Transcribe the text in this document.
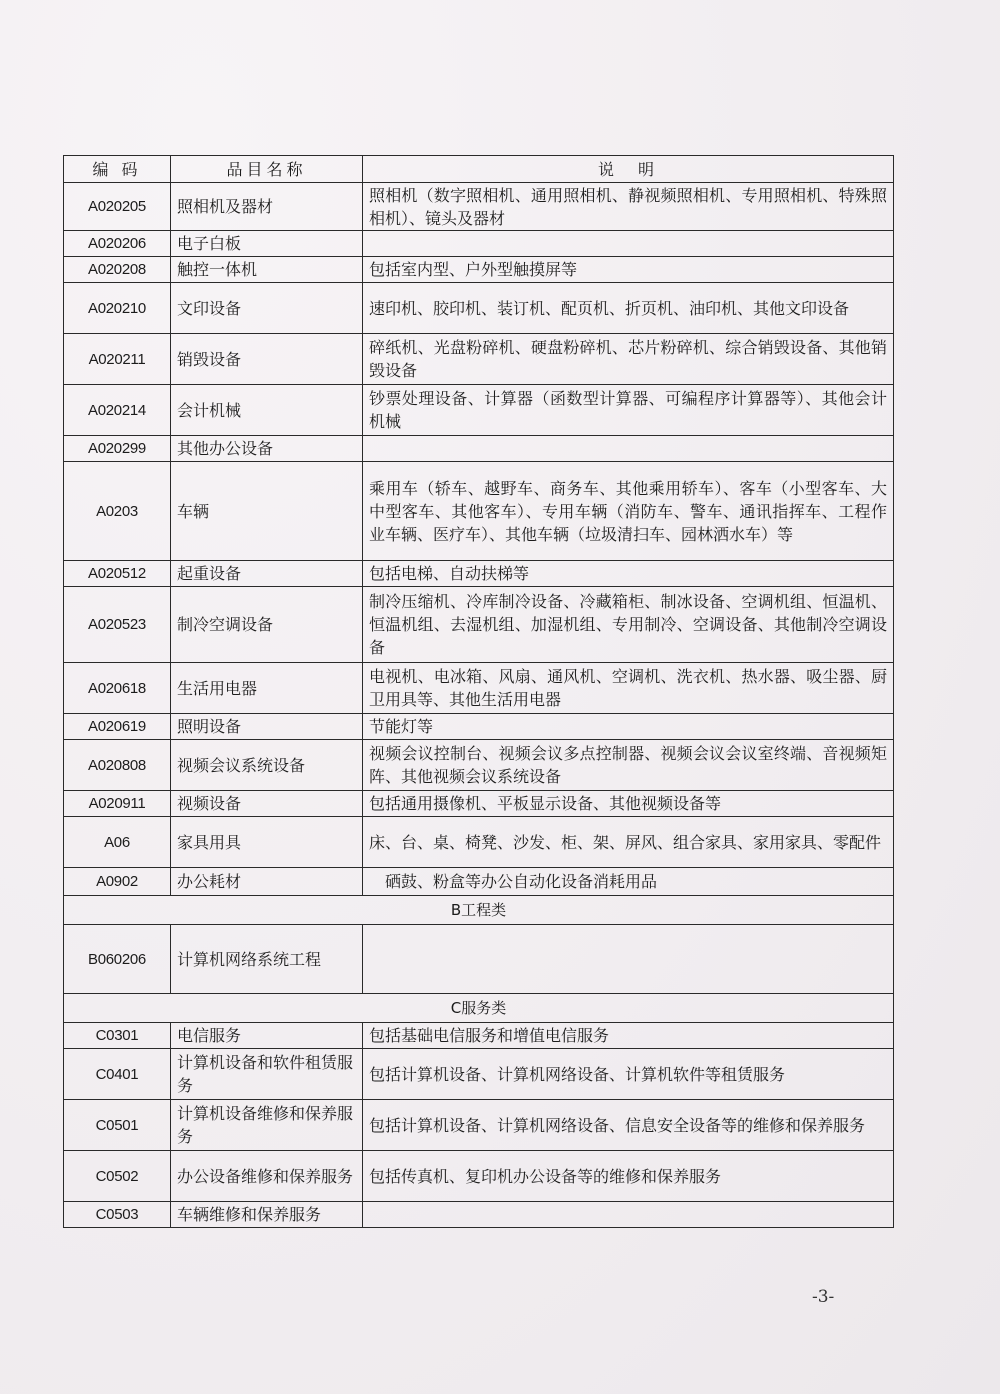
编 码	品目名称	说　明
A020205	照相机及器材	照相机（数字照相机、通用照相机、静视频照相机、专用照相机、特殊照相机）、镜头及器材
A020206	电子白板	
A020208	触控一体机	包括室内型、户外型触摸屏等
A020210	文印设备	速印机、胶印机、装订机、配页机、折页机、油印机、其他文印设备
A020211	销毁设备	碎纸机、光盘粉碎机、硬盘粉碎机、芯片粉碎机、综合销毁设备、其他销毁设备
A020214	会计机械	钞票处理设备、计算器（函数型计算器、可编程序计算器等）、其他会计机械
A020299	其他办公设备	
A0203	车辆	乘用车（轿车、越野车、商务车、其他乘用轿车）、客车（小型客车、大中型客车、其他客车）、专用车辆（消防车、警车、通讯指挥车、工程作业车辆、医疗车）、其他车辆（垃圾清扫车、园林洒水车）等
A020512	起重设备	包括电梯、自动扶梯等
A020523	制冷空调设备	制冷压缩机、冷库制冷设备、冷藏箱柜、制冰设备、空调机组、恒温机、恒温机组、去湿机组、加湿机组、专用制冷、空调设备、其他制冷空调设备
A020618	生活用电器	电视机、电冰箱、风扇、通风机、空调机、洗衣机、热水器、吸尘器、厨卫用具等、其他生活用电器
A020619	照明设备	节能灯等
A020808	视频会议系统设备	视频会议控制台、视频会议多点控制器、视频会议会议室终端、音视频矩阵、其他视频会议系统设备
A020911	视频设备	包括通用摄像机、平板显示设备、其他视频设备等
A06	家具用具	床、台、桌、椅凳、沙发、柜、架、屏风、组合家具、家用家具、零配件
A0902	办公耗材	　硒鼓、粉盒等办公自动化设备消耗用品
B工程类		
B060206	计算机网络系统工程	
C服务类		
C0301	电信服务	包括基础电信服务和增值电信服务
C0401	计算机设备和软件租赁服务	包括计算机设备、计算机网络设备、计算机软件等租赁服务
C0501	计算机设备维修和保养服务	包括计算机设备、计算机网络设备、信息安全设备等的维修和保养服务
C0502	办公设备维修和保养服务	包括传真机、复印机办公设备等的维修和保养服务
C0503	车辆维修和保养服务	
-3-
